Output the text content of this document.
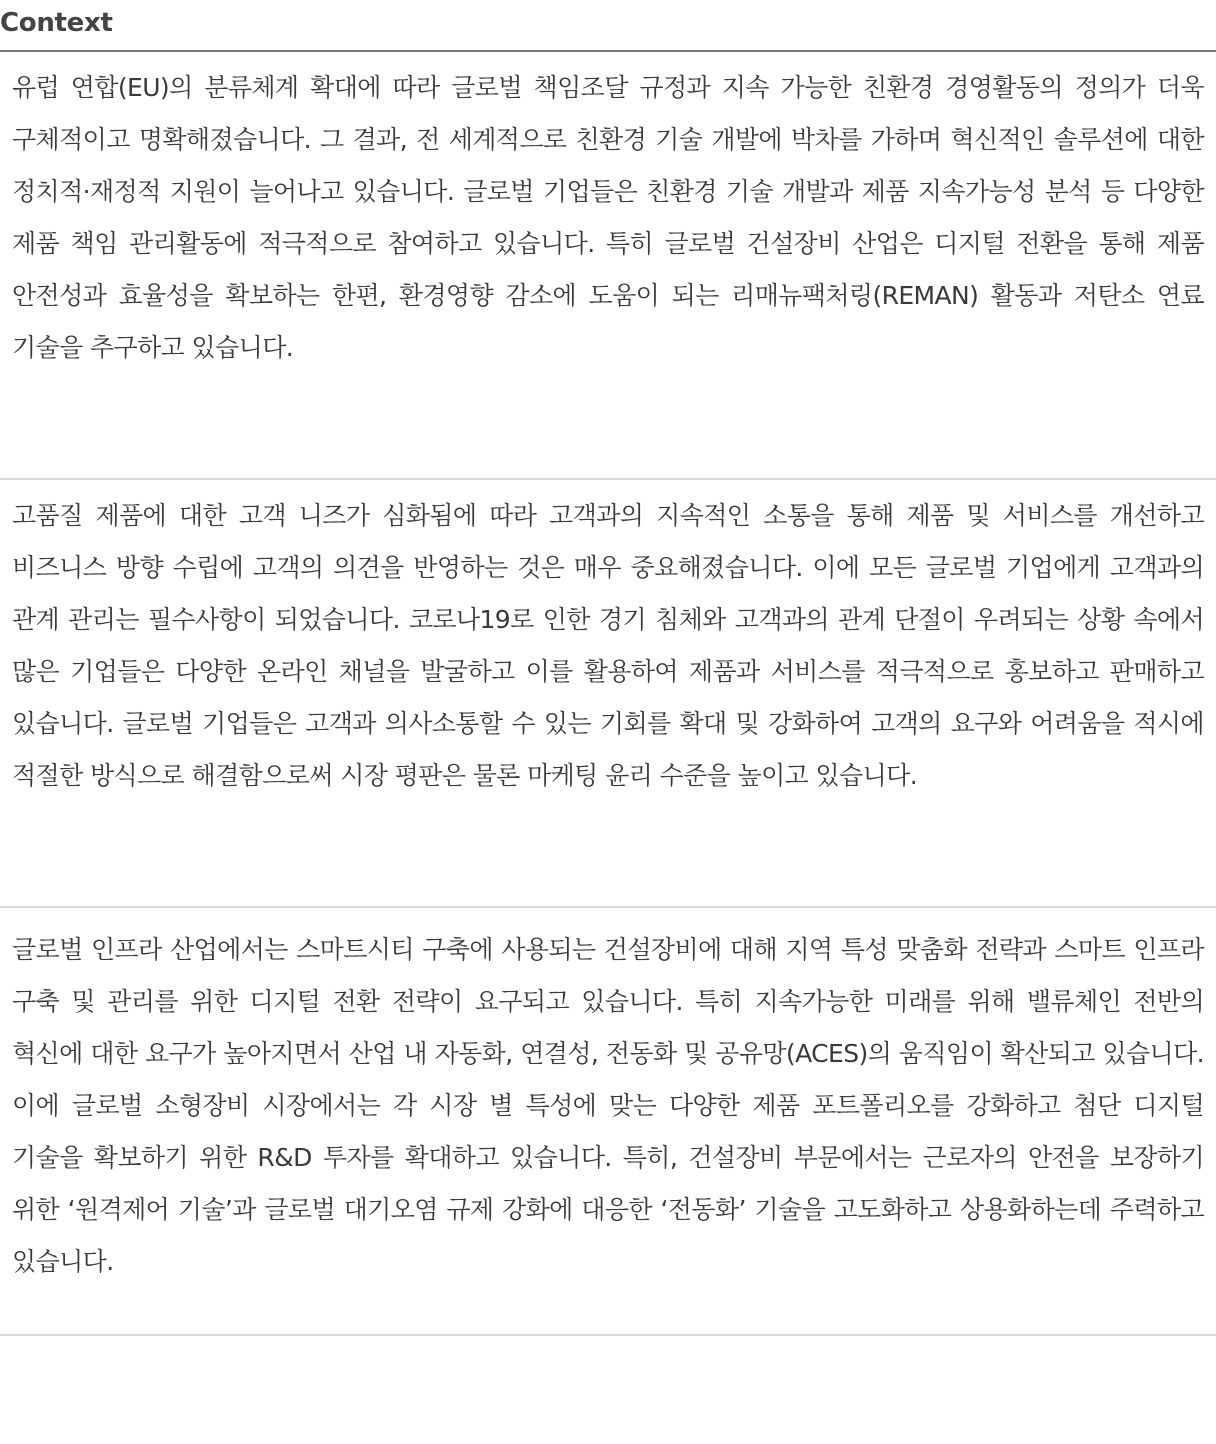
Context

유럽 연합(EU)의 분류체계 확대에 따라 글로벌 책임조달 규정과 지속 가능한 친환경 경영활동의 정의가 더욱 구체적이고 명확해졌습니다. 그 결과, 전 세계적으로 친환경 기술 개발에 박차를 가하며 혁신적인 솔루션에 대한 정치적·재정적 지원이 늘어나고 있습니다. 글로벌 기업들은 친환경 기술 개발과 제품 지속가능성 분석 등 다양한 제품 책임 관리활동에 적극적으로 참여하고 있습니다. 특히 글로벌 건설장비 산업은 디지털 전환을 통해 제품 안전성과 효율성을 확보하는 한편, 환경영향 감소에 도움이 되는 리매뉴팩처링(REMAN) 활동과 저탄소 연료 기술을 추구하고 있습니다.

고품질 제품에 대한 고객 니즈가 심화됨에 따라 고객과의 지속적인 소통을 통해 제품 및 서비스를 개선하고 비즈니스 방향 수립에 고객의 의견을 반영하는 것은 매우 중요해졌습니다. 이에 모든 글로벌 기업에게 고객과의 관계 관리는 필수사항이 되었습니다. 코로나19로 인한 경기 침체와 고객과의 관계 단절이 우려되는 상황 속에서 많은 기업들은 다양한 온라인 채널을 발굴하고 이를 활용하여 제품과 서비스를 적극적으로 홍보하고 판매하고 있습니다. 글로벌 기업들은 고객과 의사소통할 수 있는 기회를 확대 및 강화하여 고객의 요구와 어려움을 적시에 적절한 방식으로 해결함으로써 시장 평판은 물론 마케팅 윤리 수준을 높이고 있습니다.

글로벌 인프라 산업에서는 스마트시티 구축에 사용되는 건설장비에 대해 지역 특성 맞춤화 전략과 스마트 인프라 구축 및 관리를 위한 디지털 전환 전략이 요구되고 있습니다. 특히 지속가능한 미래를 위해 밸류체인 전반의 혁신에 대한 요구가 높아지면서 산업 내 자동화, 연결성, 전동화 및 공유망(ACES)의 움직임이 확산되고 있습니다. 이에 글로벌 소형장비 시장에서는 각 시장 별 특성에 맞는 다양한 제품 포트폴리오를 강화하고 첨단 디지털 기술을 확보하기 위한 R&D 투자를 확대하고 있습니다. 특히, 건설장비 부문에서는 근로자의 안전을 보장하기 위한 ‘원격제어 기술’과 글로벌 대기오염 규제 강화에 대응한 ‘전동화’ 기술을 고도화하고 상용화하는데 주력하고 있습니다.
